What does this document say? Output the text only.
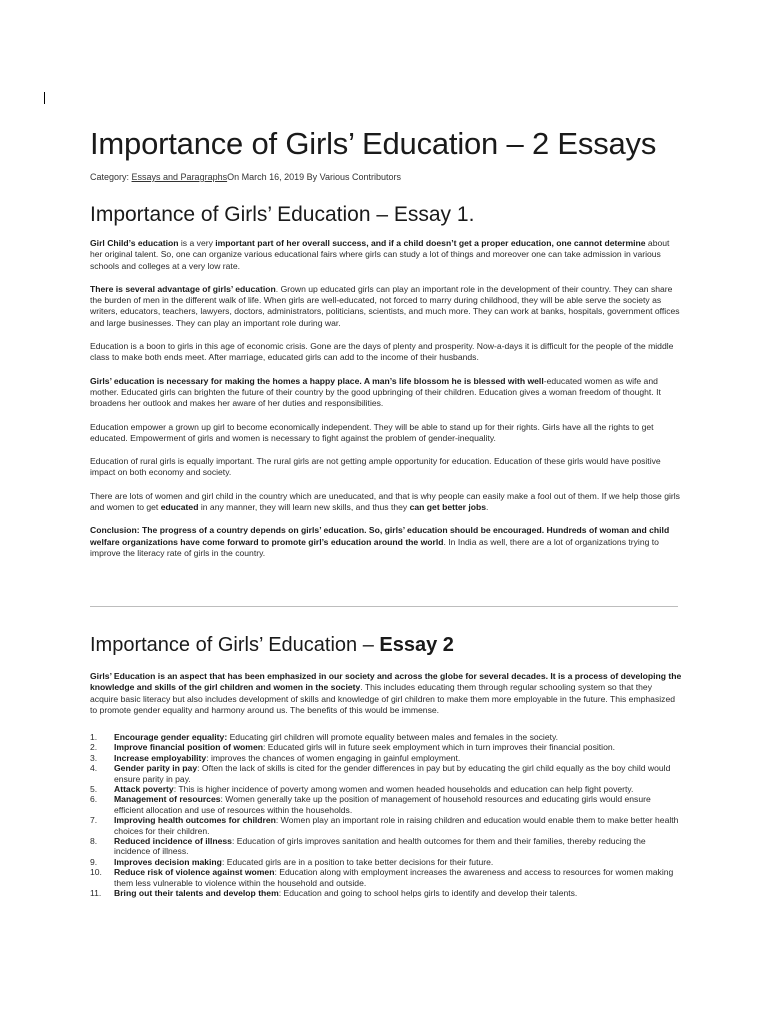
Importance of Girls’ Education – 2 Essays
Category: Essays and ParagraphsOn March 16, 2019 By Various Contributors
Importance of Girls’ Education – Essay 1.

Girl Child’s education is a very important part of her overall success, and if a child doesn’t get a proper education, one cannot determine about her original talent. So, one can organize various educational fairs where girls can study a lot of things and moreover one can take admission in various schools and colleges at a very low rate.

There is several advantage of girls’ education. Grown up educated girls can play an important role in the development of their country. They can share the burden of men in the different walk of life. When girls are well-educated, not forced to marry during childhood, they will be able serve the society as writers, educators, teachers, lawyers, doctors, administrators, politicians, scientists, and much more. They can work at banks, hospitals, government offices and large businesses. They can play an important role during war.

Education is a boon to girls in this age of economic crisis. Gone are the days of plenty and prosperity. Now-a-days it is difficult for the people of the middle class to make both ends meet. After marriage, educated girls can add to the income of their husbands.

Girls’ education is necessary for making the homes a happy place. A man’s life blossom he is blessed with well-educated women as wife and mother. Educated girls can brighten the future of their country by the good upbringing of their children. Education gives a woman freedom of thought. It broadens her outlook and makes her aware of her duties and responsibilities.

Education empower a grown up girl to become economically independent. They will be able to stand up for their rights. Girls have all the rights to get educated. Empowerment of girls and women is necessary to fight against the problem of gender-inequality.

Education of rural girls is equally important. The rural girls are not getting ample opportunity for education. Education of these girls would have positive impact on both economy and society.

There are lots of women and girl child in the country which are uneducated, and that is why people can easily make a fool out of them. If we help those girls and women to get educated in any manner, they will learn new skills, and thus they can get better jobs.

Conclusion: The progress of a country depends on girls’ education. So, girls’ education should be encouraged. Hundreds of woman and child welfare organizations have come forward to promote girl’s education around the world. In India as well, there are a lot of organizations trying to improve the literacy rate of girls in the country.

Importance of Girls’ Education – Essay 2

Girls’ Education is an aspect that has been emphasized in our society and across the globe for several decades. It is a process of developing the knowledge and skills of the girl children and women in the society. This includes educating them through regular schooling system so that they acquire basic literacy but also includes development of skills and knowledge of girl children to make them more employable in the future. This emphasized to promote gender equality and harmony around us. The benefits of this would be immense.

1. Encourage gender equality: Educating girl children will promote equality between males and females in the society.
2. Improve financial position of women: Educated girls will in future seek employment which in turn improves their financial position.
3. Increase employability: improves the chances of women engaging in gainful employment.
4. Gender parity in pay: Often the lack of skills is cited for the gender differences in pay but by educating the girl child equally as the boy child would ensure parity in pay.
5. Attack poverty: This is higher incidence of poverty among women and women headed households and education can help fight poverty.
6. Management of resources: Women generally take up the position of management of household resources and educating girls would ensure efficient allocation and use of resources within the households.
7. Improving health outcomes for children: Women play an important role in raising children and education would enable them to make better health choices for their children.
8. Reduced incidence of illness: Education of girls improves sanitation and health outcomes for them and their families, thereby reducing the incidence of illness.
9. Improves decision making: Educated girls are in a position to take better decisions for their future.
10. Reduce risk of violence against women: Education along with employment increases the awareness and access to resources for women making them less vulnerable to violence within the household and outside.
11. Bring out their talents and develop them: Education and going to school helps girls to identify and develop their talents.
